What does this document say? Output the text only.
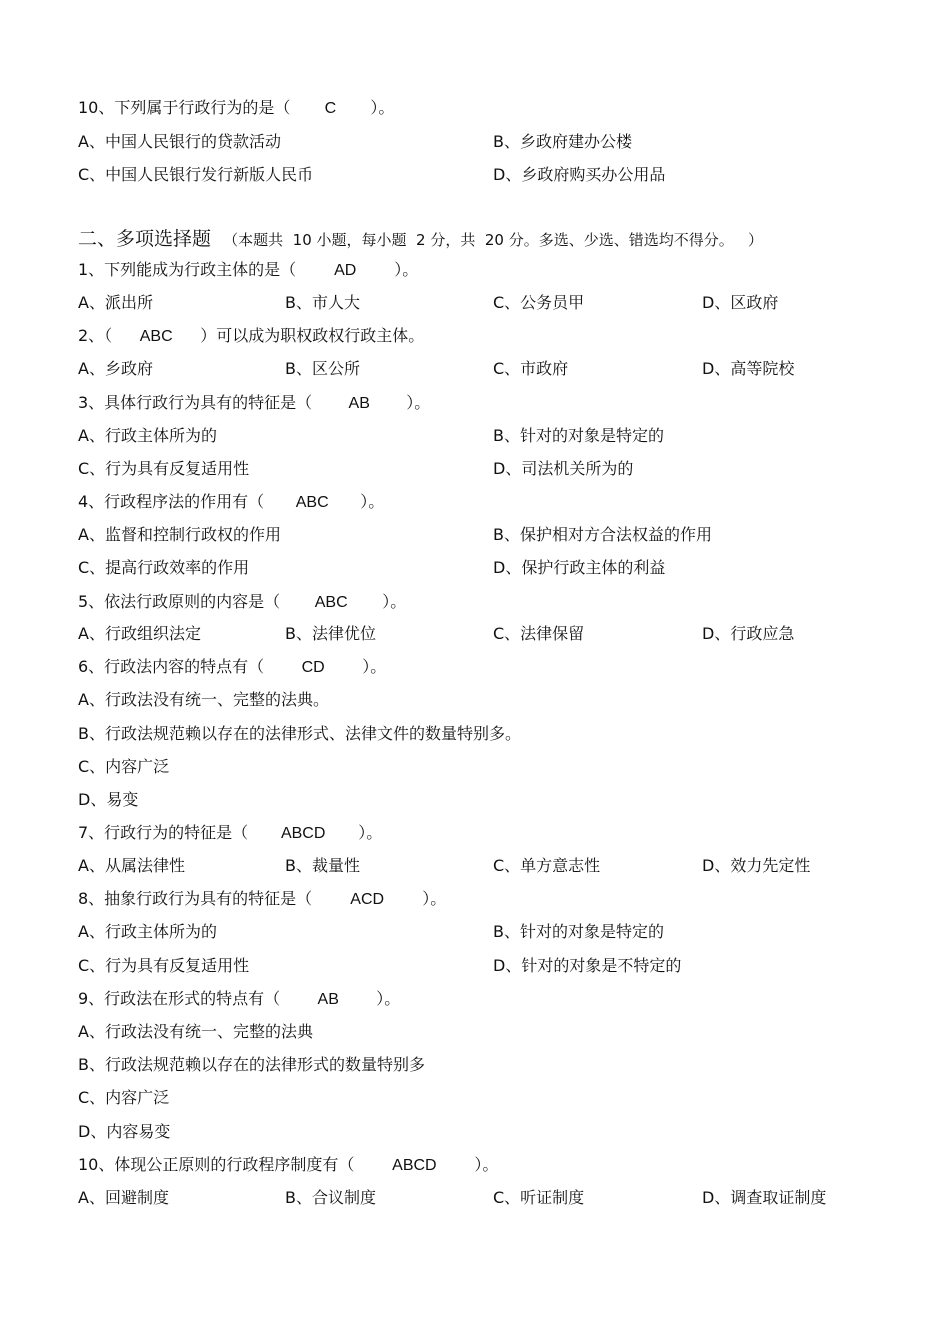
10、下列属于行政行为的是（ C ）。
A、中国人民银行的贷款活动	B、乡政府建办公楼
C、中国人民银行发行新版人民币	D、乡政府购买办公用品
二、多项选择题 （本题共  10 小题，每小题  2 分，共  20 分。多选、少选、错选均不得分。   ）
1、下列能成为行政主体的是（ AD ）。
A、派出所	B、市人大	C、公务员甲	D、区政府
2、（ ABC ）可以成为职权政权行政主体。
A、乡政府	B、区公所	C、市政府	D、高等院校
3、具体行政行为具有的特征是（ AB ）。
A、行政主体所为的	B、针对的对象是特定的
C、行为具有反复适用性	D、司法机关所为的
4、行政程序法的作用有（ ABC ）。
A、监督和控制行政权的作用	B、保护相对方合法权益的作用
C、提高行政效率的作用	D、保护行政主体的利益
5、依法行政原则的内容是（ ABC ）。
A、行政组织法定	B、法律优位	C、法律保留	D、行政应急
6、行政法内容的特点有（ CD ）。
A、行政法没有统一、完整的法典。
B、行政法规范赖以存在的法律形式、法律文件的数量特别多。
C、内容广泛
D、易变
7、行政行为的特征是（ ABCD ）。
A、从属法律性	B、裁量性	C、单方意志性	D、效力先定性
8、抽象行政行为具有的特征是（ ACD ）。
A、行政主体所为的	B、针对的对象是特定的
C、行为具有反复适用性	D、针对的对象是不特定的
9、行政法在形式的特点有（ AB ）。
A、行政法没有统一、完整的法典
B、行政法规范赖以存在的法律形式的数量特别多
C、内容广泛
D、内容易变
10、体现公正原则的行政程序制度有（ ABCD ）。
A、回避制度	B、合议制度	C、听证制度	D、调查取证制度
